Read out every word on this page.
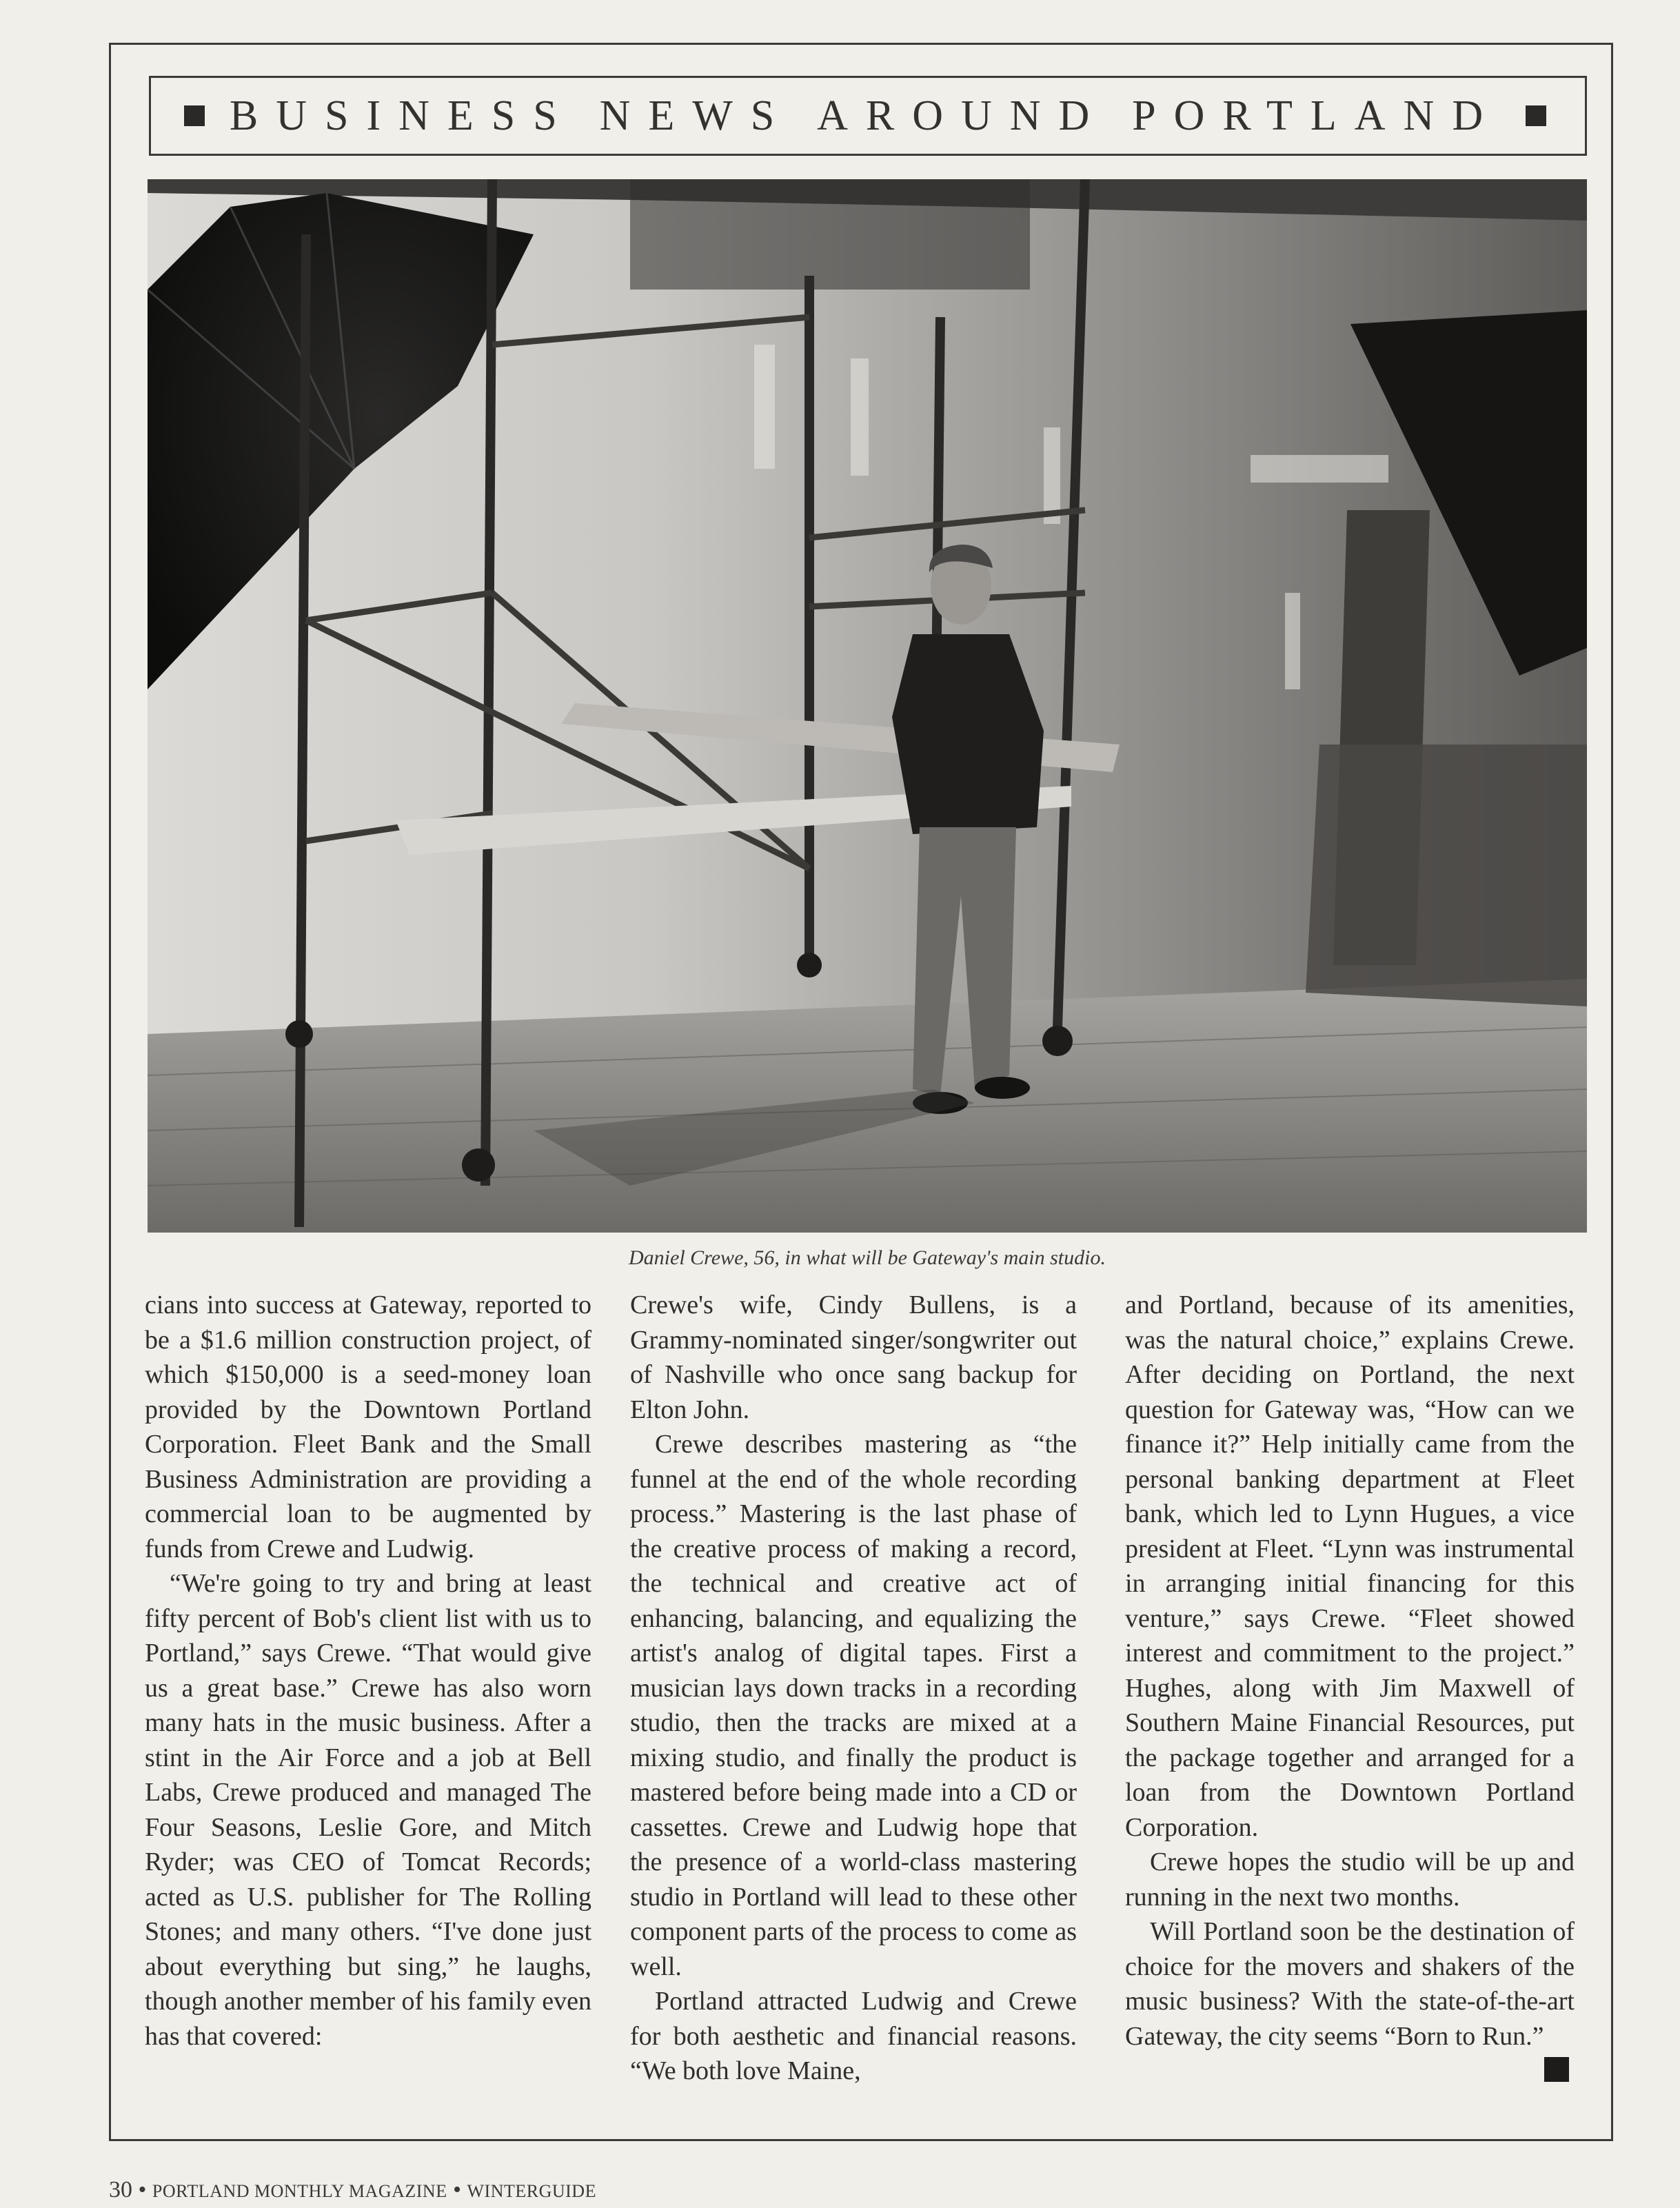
BUSINESS NEWS AROUND PORTLAND
Daniel Crewe, 56, in what will be Gateway's main studio.

cians into success at Gateway, reported to be a $1.6 million construction project, of which $150,000 is a seed-money loan provided by the Downtown Portland Corporation. Fleet Bank and the Small Business Administration are providing a commercial loan to be augmented by funds from Crewe and Ludwig.

“We're going to try and bring at least fifty percent of Bob's client list with us to Portland,” says Crewe. “That would give us a great base.” Crewe has also worn many hats in the music business. After a stint in the Air Force and a job at Bell Labs, Crewe produced and managed The Four Seasons, Leslie Gore, and Mitch Ryder; was CEO of Tomcat Records; acted as U.S. publisher for The Rolling Stones; and many others. “I've done just about everything but sing,” he laughs, though another member of his family even has that covered:

Crewe's wife, Cindy Bullens, is a Grammy-nominated singer/songwriter out of Nashville who once sang backup for Elton John.

Crewe describes mastering as “the funnel at the end of the whole recording process.” Mastering is the last phase of the creative process of making a record, the technical and creative act of enhancing, balancing, and equalizing the artist's analog of digital tapes. First a musician lays down tracks in a recording studio, then the tracks are mixed at a mixing studio, and finally the product is mastered before being made into a CD or cassettes. Crewe and Ludwig hope that the presence of a world-class mastering studio in Portland will lead to these other component parts of the process to come as well.

Portland attracted Ludwig and Crewe for both aesthetic and financial reasons. “We both love Maine,

and Portland, because of its amenities, was the natural choice,” explains Crewe. After deciding on Portland, the next question for Gateway was, “How can we finance it?” Help initially came from the personal banking department at Fleet bank, which led to Lynn Hugues, a vice president at Fleet. “Lynn was instrumental in arranging initial financing for this venture,” says Crewe. “Fleet showed interest and commitment to the project.” Hughes, along with Jim Maxwell of Southern Maine Financial Resources, put the package together and arranged for a loan from the Downtown Portland Corporation.

Crewe hopes the studio will be up and running in the next two months.

Will Portland soon be the destination of choice for the movers and shakers of the music business? With the state-of-the-art Gateway, the city seems “Born to Run.”

30 • PORTLAND MONTHLY MAGAZINE • WINTERGUIDE
